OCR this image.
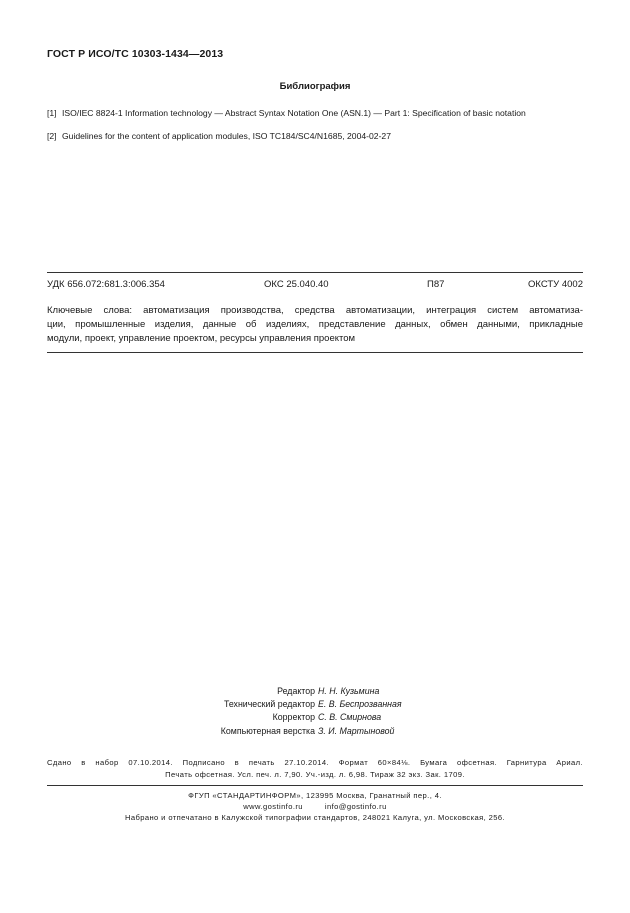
ГОСТ Р ИСО/ТС 10303-1434—2013
Библиография
[1] ISO/IEC 8824-1 Information technology — Abstract Syntax Notation One (ASN.1) — Part 1: Specification of basic notation
[2] Guidelines for the content of application modules, ISO TC184/SC4/N1685, 2004-02-27
УДК 656.072:681.3:006.354	ОКС 25.040.40	П87	ОКСТУ 4002
Ключевые слова: автоматизация производства, средства автоматизации, интеграция систем автоматиза-
ции, промышленные изделия, данные об изделиях, представление данных, обмен данными, прикладные
модули, проект, управление проектом, ресурсы управления проектом
Редактор Н. Н. Кузьмина
Технический редактор Е. В. Беспрозванная
Корректор С. В. Смирнова
Компьютерная верстка З. И. Мартыновой
Сдано в набор 07.10.2014. Подписано в печать 27.10.2014. Формат 60×84⅛. Бумага офсетная. Гарнитура Ариал.
Печать офсетная. Усл. печ. л. 7,90. Уч.-изд. л. 6,98. Тираж 32 экз. Зак. 1709.
ФГУП «СТАНДАРТИНФОРМ», 123995 Москва, Гранатный пер., 4.
www.gostinfo.ru	info@gostinfo.ru
Набрано и отпечатано в Калужской типографии стандартов, 248021 Калуга, ул. Московская, 256.
